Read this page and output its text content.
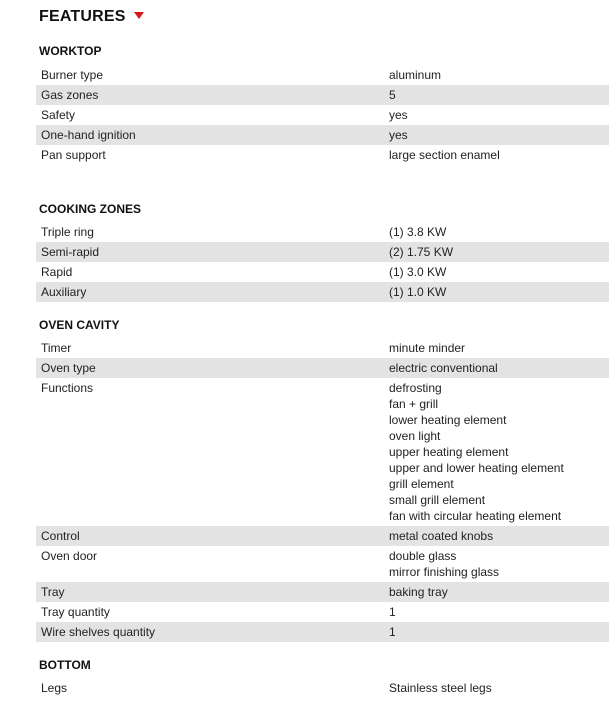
FEATURES
WORKTOP
Burner type	aluminum
Gas zones	5
Safety	yes
One-hand ignition	yes
Pan support	large section enamel
COOKING ZONES
Triple ring	(1) 3.8 KW
Semi-rapid	(2) 1.75 KW
Rapid	(1) 3.0 KW
Auxiliary	(1) 1.0 KW
OVEN CAVITY
Timer	minute minder
Oven type	electric conventional
Functions	defrosting
fan + grill
lower heating element
oven light
upper heating element
upper and lower heating element
grill element
small grill element
fan with circular heating element
Control	metal coated knobs
Oven door	double glass
mirror finishing glass
Tray	baking tray
Tray quantity	1
Wire shelves quantity	1
BOTTOM
Legs	Stainless steel legs
